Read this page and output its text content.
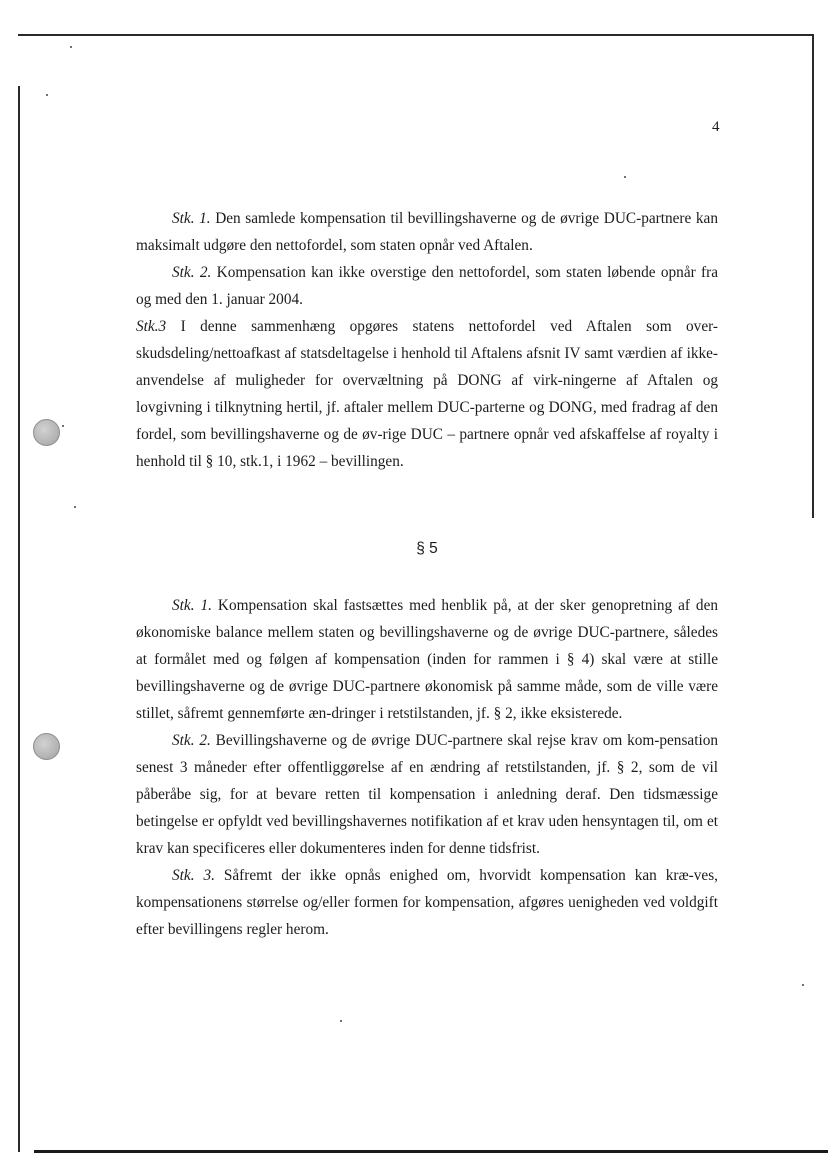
4

Stk. 1. Den samlede kompensation til bevillingshaverne og de øvrige DUC-partnere kan maksimalt udgøre den nettofordel, som staten opnår ved Aftalen.

Stk. 2. Kompensation kan ikke overstige den nettofordel, som staten løbende opnår fra og med den 1. januar 2004.

Stk.3 I denne sammenhæng opgøres statens nettofordel ved Aftalen som over-skudsdeling/nettoafkast af statsdeltagelse i henhold til Aftalens afsnit IV samt værdien af ikke-anvendelse af muligheder for overvæltning på DONG af virk-ningerne af Aftalen og lovgivning i tilknytning hertil, jf. aftaler mellem DUC-parterne og DONG, med fradrag af den fordel, som bevillingshaverne og de øv-rige DUC – partnere opnår ved afskaffelse af royalty i henhold til § 10, stk.1, i 1962 – bevillingen.

§ 5

Stk. 1. Kompensation skal fastsættes med henblik på, at der sker genopretning af den økonomiske balance mellem staten og bevillingshaverne og de øvrige DUC-partnere, således at formålet med og følgen af kompensation (inden for rammen i § 4) skal være at stille bevillingshaverne og de øvrige DUC-partnere økonomisk på samme måde, som de ville være stillet, såfremt gennemførte æn-dringer i retstilstanden, jf. § 2, ikke eksisterede.

Stk. 2. Bevillingshaverne og de øvrige DUC-partnere skal rejse krav om kom-pensation senest 3 måneder efter offentliggørelse af en ændring af retstilstanden, jf. § 2, som de vil påberåbe sig, for at bevare retten til kompensation i anledning deraf. Den tidsmæssige betingelse er opfyldt ved bevillingshavernes notifikation af et krav uden hensyntagen til, om et krav kan specificeres eller dokumenteres inden for denne tidsfrist.

Stk. 3. Såfremt der ikke opnås enighed om, hvorvidt kompensation kan kræ-ves, kompensationens størrelse og/eller formen for kompensation, afgøres uenigheden ved voldgift efter bevillingens regler herom.
